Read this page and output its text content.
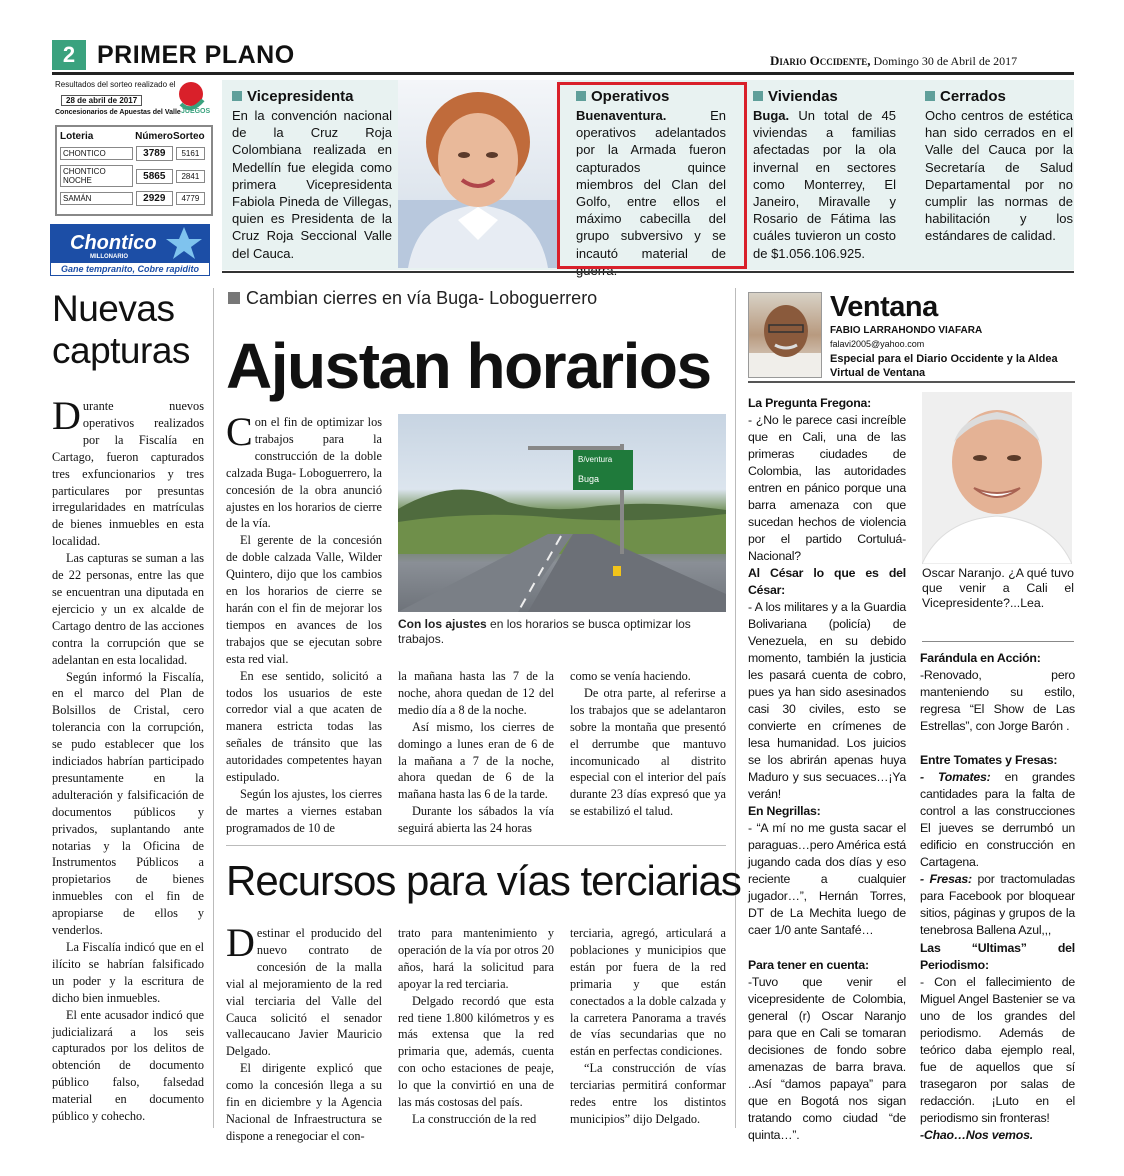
2 PRIMER PLANO	Diario Occidente, Domingo 30 de Abril de 2017
Resultados del sorteo realizado el
28 de abril de 2017
Concesionarios de Apuestas del Valle JUEGOS
Loteria	Número Sorteo
CHONTICO	3789	5161
CHONTICO NOCHE	5865	2841
SAMÁN	2929	4779
Chontico
MILLONARIO
Gane tempranito, Cobre rapidito
Vicepresidenta
En la convención nacional de la Cruz Roja Colombiana realizada en Medellín fue elegida como primera Vicepresidenta Fabiola Pineda de Villegas, quien es Presidenta de la Cruz Roja Seccional Valle del Cauca.
Operativos
Buenaventura.	En operativos adelantados por la Armada fueron capturados quince miembros del Clan del Golfo, entre ellos el máximo cabecilla del grupo subversivo y se incautó material de
Viviendas
Buga. Un total de 45 viviendas a familias afectadas por la ola invernal en sectores como Monterrey, El Janeiro, Miravalle y Rosario de Fátima las cuáles tuvieron un costo de $1.056.106.925.
Cerrados
Ocho centros de estética han sido cerrados en el Valle del Cauca por la Secretaría de Salud Departamental por no cumplir las normas de habilitación y los estándares de calidad.
Nuevas capturas

Durante nuevos operativos realizados por la Fiscalía en Cartago, fueron capturados tres exfuncionarios y tres particulares por presuntas irregularidades en matrículas de bienes inmuebles en esta localidad.

Las capturas se suman a las de 22 personas, entre las que se encuentran una diputada en ejercicio y un ex alcalde de Cartago dentro de las acciones contra la corrupción que se adelantan en esta localidad.

Según informó la Fiscalía, en el marco del Plan de Bolsillos de Cristal, cero tolerancia con la corrupción, se pudo establecer que los indiciados habrían participado presuntamente en la adulteración y falsificación de documentos públicos y privados, suplantando ante notarias y la Oficina de Instrumentos Públicos a propietarios de bienes inmuebles con el fin de apropiarse de ellos y venderlos.

La Fiscalía indicó que en el ilícito se habrían falsificado un poder y la escritura de dicho bien inmuebles.

El ente acusador indicó que judicializará a los seis capturados por los delitos de obtención de documento público falso, falsedad material en documento público y cohecho.

Cambian cierres en vía Buga- Loboguerrero
Ajustan horarios

Con el fin de optimizar los trabajos para la construcción de la doble calzada Buga- Loboguerrero, la concesión de la obra anunció ajustes en los horarios de cierre de la vía.

El gerente de la concesión de doble calzada Valle, Wilder Quintero, dijo que los cambios en los horarios de cierre se harán con el fin de mejorar los tiempos en avances de los trabajos que se ejecutan sobre esta red vial.

En ese sentido, solicitó a todos los usuarios de este corredor vial a que acaten de manera estricta todas las señales de tránsito que las autoridades competentes hayan estipulado.

Según los ajustes, los cierres de martes a viernes estaban programados de 10 de

B/ventura
Buga
Con los ajustes en los horarios se busca optimizar los trabajos.

la mañana hasta las 7 de la noche, ahora quedan de 12 del medio día a 8 de la noche.

Así mismo, los cierres de domingo a lunes eran de 6 de la mañana a 7 de la noche, ahora quedan de 6 de la mañana hasta las 6 de la tarde.

Durante los sábados la vía seguirá abierta las 24 horas

como se venía haciendo.

De otra parte, al referirse a los trabajos que se adelantaron sobre la montaña que presentó el derrumbe que mantuvo incomunicado al distrito especial con el interior del país durante 23 días expresó que ya se estabilizó el talud.

Recursos para vías terciarias

Destinar el producido del nuevo contrato de concesión de la malla vial al mejoramiento de la red vial terciaria del Valle del Cauca solicitó el senador vallecaucano Javier Mauricio Delgado.

El dirigente explicó que como la concesión llega a su fin en diciembre y la Agencia Nacional de Infraestructura se dispone a renegociar el con-

trato para mantenimiento y operación de la vía por otros 20 años, hará la solicitud para apoyar la red terciaria.

Delgado recordó que esta red tiene 1.800 kilómetros y es más extensa que la red primaria que, además, cuenta con ocho estaciones de peaje, lo que la convirtió en una de las más costosas del país.

La construcción de la red

terciaria, agregó, articulará a poblaciones y municipios que están por fuera de la red primaria y que están conectados a la doble calzada y la carretera Panorama a través de vías secundarias que no están en perfectas condiciones.

“La construcción de vías terciarias permitirá conformar redes entre los distintos municipios” dijo Delgado.

Ventana
FABIO LARRAHONDO VIAFARA
falavi2005@yahoo.com
Especial para el Diario Occidente y la Aldea Virtual de Ventana
La Pregunta Fregona:
- ¿No le parece casi increíble que en Cali, una de las primeras ciudades de Colombia, las autoridades entren en pánico porque una barra amenaza con que sucedan hechos de violencia por el partido Cortuluá-Nacional?
Al César lo que es del César:
- A los militares y a la Guardia Bolivariana (policía) de Venezuela, en su debido momento, también la justicia les pasará cuenta de cobro, pues ya han sido asesinados casi 30 civiles, esto se convierte en crímenes de lesa humanidad. Los juicios se los abrirán apenas huya Maduro y sus secuaces…¡Ya verán!
En Negrillas:
- “A mí no me gusta sacar el paraguas…pero América está jugando cada dos días y eso reciente a cualquier jugador…”, Hernán Torres, DT de La Mechita luego de caer 1/0 ante Santafé…
Para tener en cuenta:
-Tuvo que venir el vicepresidente de Colombia, general (r) Oscar Naranjo para que en Cali se tomaran decisiones de fondo sobre amenazas de barra brava. ..Así “damos papaya” para que en Bogotá nos sigan tratando como ciudad “de quinta…”.
Oscar Naranjo. ¿A qué tuvo que venir a Cali el Vicepresidente?...Lea.
Farándula en Acción:
-Renovado, pero manteniendo su estilo, regresa “El Show de Las Estrellas”, con Jorge Barón .
Entre Tomates y Fresas:
- Tomates: en grandes cantidades para la falta de control a las construcciones El jueves se derrumbó un edificio en construcción en Cartagena.
- Fresas: por tractomuladas para Facebook por bloquear sitios, páginas y grupos de la tenebrosa Ballena Azul,,,
Las “Ultimas” del Periodismo:
- Con el fallecimiento de Miguel Angel Bastenier se va uno de los grandes del periodismo. Además de teórico daba ejemplo real, fue de aquellos que sí trasegaron por salas de redacción. ¡Luto en el periodismo sin fronteras!
-Chao…Nos vemos.
